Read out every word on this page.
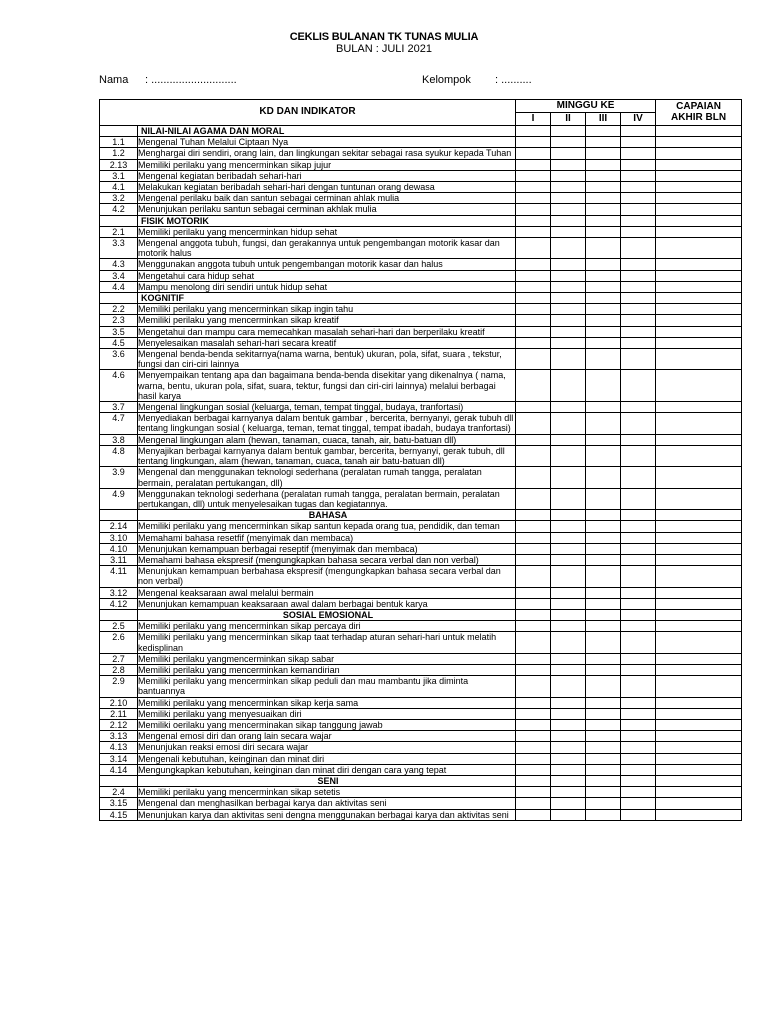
CEKLIS BULANAN TK TUNAS MULIA
BULAN : JULI 2021
Nama : ............................	Kelompok : ..........
KD DAN INDIKATOR		MINGGU KE				CAPAIAN AKHIR BLN
		I	II	III	IV	
	NILAI-NILAI AGAMA DAN MORAL					
1.1	Mengenal Tuhan Melalui Ciptaan Nya					
1.2	Menghargai diri sendiri, orang lain, dan lingkungan sekitar sebagai rasa syukur kepada Tuhan					
2.13	Memiliki perilaku yang mencerminkan sikap jujur					
3.1	Mengenal kegiatan beribadah sehari-hari					
4.1	Melakukan kegiatan beribadah sehari-hari dengan tuntunan orang dewasa					
3.2	Mengenal perilaku baik dan santun sebagai cerminan ahlak mulia					
4.2	Menunjukan perilaku santun sebagai cerminan akhlak mulia					
	FISIK MOTORIK					
2.1	Memiliki perilaku yang mencerminkan hidup sehat					
3.3	Mengenal anggota tubuh, fungsi, dan gerakannya untuk pengembangan motorik kasar dan motorik halus					
4.3	Menggunakan anggota tubuh untuk pengembangan motorik kasar dan halus					
3.4	Mengetahui cara hidup sehat					
4.4	Mampu menolong diri sendiri untuk hidup sehat					
	KOGNITIF					
2.2	Memiliki perilaku yang mencerminkan sikap ingin tahu					
2.3	Memiliki perilaku yang mencerminkan sikap kreatif					
3.5	Mengetahui dan mampu cara memecahkan masalah sehari-hari dan berperilaku kreatif					
4.5	Menyelesaikan masalah sehari-hari secara kreatif					
3.6	Mengenal benda-benda sekitarnya(nama warna, bentuk) ukuran, pola, sifat, suara , tekstur, fungsi dan ciri-ciri lainnya					
4.6	Menyempaikan tentang apa dan bagaimana benda-benda disekitar yang dikenalnya ( nama, warna, bentu, ukuran pola, sifat, suara, tektur, fungsi dan ciri-ciri lainnya) melalui berbagai hasil karya					
3.7	Mengenal lingkungan sosial (keluarga, teman, tempat tinggal, budaya, tranfortasi)					
4.7	Menyediakan berbagai karnyanya dalam bentuk gambar , bercerita, bernyanyi, gerak tubuh dll tentang lingkungan sosial ( keluarga, teman, temat tinggal, tempat ibadah, budaya tranfortasi)					
3.8	Mengenal lingkungan alam (hewan, tanaman, cuaca, tanah, air, batu-batuan dll)					
4.8	Menyajikan berbagai karnyanya dalam bentuk gambar, bercerita, bernyanyi, gerak tubuh, dll tentang lingkungan, alam (hewan, tanaman, cuaca, tanah air batu-batuan dll)					
3.9	Mengenal dan menggunakan teknologi sederhana (peralatan rumah tangga, peralatan bermain, peralatan pertukangan, dll)					
4.9	Menggunakan teknologi sederhana (peralatan rumah tangga, peralatan bermain, peralatan pertukangan, dll) untuk menyelesaikan tugas dan kegiatannya.					
	BAHASA					
2.14	Memiliki perilaku yang mencerminkan sikap santun kepada orang tua, pendidik, dan teman					
3.10	Memahami bahasa resetfif (menyimak dan membaca)					
4.10	Menunjukan kemampuan berbagai reseptif (menyimak dan membaca)					
3.11	Memahami bahasa ekspresif (mengungkapkan bahasa secara verbal dan non verbal)					
4.11	Menunjukan kemampuan berbahasa ekspresif (mengungkapkan bahasa secara verbal dan non verbal)					
3.12	Mengenal keaksaraan awal melalui bermain					
4.12	Menunjukan kemampuan keaksaraan awal dalam berbagai bentuk karya					
	SOSIAL EMOSIONAL					
2.5	Memiliki perilaku yang mencerminkan sikap percaya diri					
2.6	Memiliki perilaku yang mencerminkan sikap taat terhadap aturan sehari-hari untuk melatih kedisplinan					
2.7	Memiliki perilaku yangmencerminkan sikap sabar					
2.8	Memiliki perilaku yang mencerminkan kemandirian					
2.9	Memiliki perilaku yang mencerminkan sikap peduli dan mau mambantu jika diminta bantuannya					
2.10	Memiliki perilaku yang mencerminkan sikap kerja sama					
2.11	Memiliki perilaku yang menyesuaikan diri					
2.12	Memiliki oerilaku yang mencerminakan sikap tanggung jawab					
3.13	Mengenal emosi diri dan orang lain secara wajar					
4.13	Menunjukan reaksi emosi diri secara wajar					
3.14	Mengenali kebutuhan, keinginan dan minat diri					
4.14	Mengungkapkan kebutuhan, keinginan dan minat diri dengan cara yang tepat					
	SENI					
2.4	Memiliki perilaku yang mencerminkan sikap setetis					
3.15	Mengenal dan menghasilkan berbagai karya dan aktivitas seni					
4.15	Menunjukan karya dan aktivitas seni dengna menggunakan berbagai karya dan aktivitas seni					
